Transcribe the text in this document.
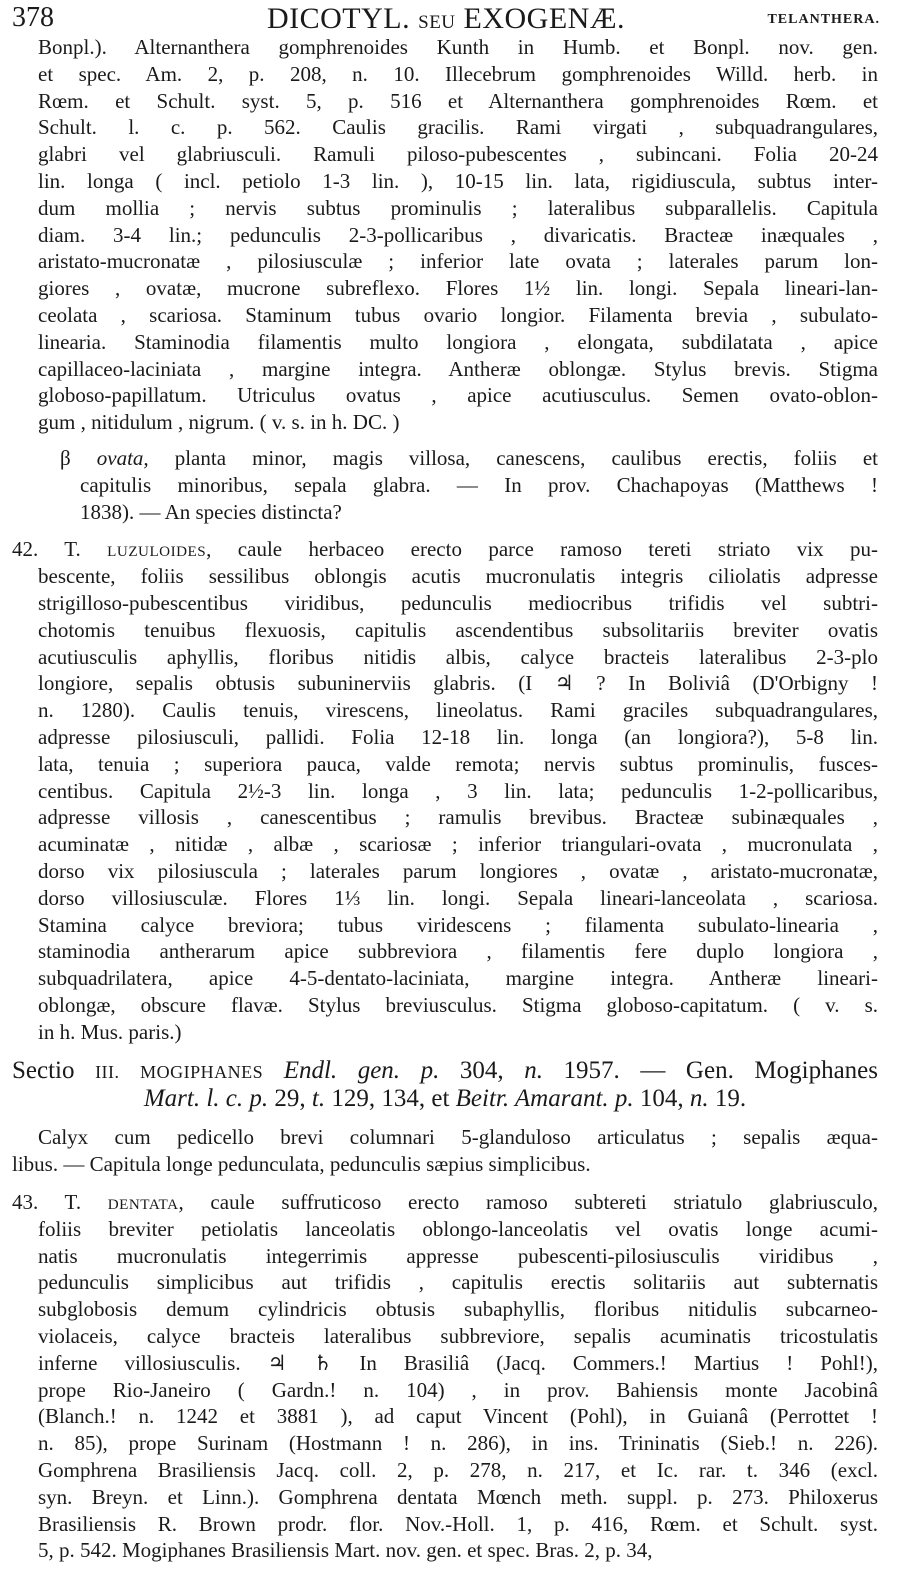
378	DICOTYL. SEU EXOGENÆ.	TELANTHERA.
Bonpl.). Alternanthera gomphrenoides Kunth in Humb. et Bonpl. nov. gen.
et spec. Am. 2, p. 208, n. 10. Illecebrum gomphrenoides Willd. herb. in
Rœm. et Schult. syst. 5, p. 516 et Alternanthera gomphrenoides Rœm. et
Schult. l. c. p. 562. Caulis gracilis. Rami virgati , subquadrangulares,
glabri vel glabriusculi. Ramuli piloso-pubescentes , subincani. Folia 20-24
lin. longa ( incl. petiolo 1-3 lin. ), 10-15 lin. lata, rigidiuscula, subtus inter-
dum mollia ; nervis subtus prominulis ; lateralibus subparallelis. Capitula
diam. 3-4 lin.; pedunculis 2-3-pollicaribus , divaricatis. Bracteæ inæquales ,
aristato-mucronatæ , pilosiusculæ ; inferior late ovata ; laterales parum lon-
giores , ovatæ, mucrone subreflexo. Flores 1½ lin. longi. Sepala lineari-lan-
ceolata , scariosa. Staminum tubus ovario longior. Filamenta brevia , subulato-
linearia. Staminodia filamentis multo longiora , elongata, subdilatata , apice
capillaceo-laciniata , margine integra. Antheræ oblongæ. Stylus brevis. Stigma
globoso-papillatum. Utriculus ovatus , apice acutiusculus. Semen ovato-oblon-
gum , nitidulum , nigrum. ( v. s. in h. DC. )
β ovata, planta minor, magis villosa, canescens, caulibus erectis, foliis et
capitulis minoribus, sepala glabra. — In prov. Chachapoyas (Matthews !
1838). — An species distincta?
42. T. LUZULOIDES, caule herbaceo erecto parce ramoso tereti striato vix pu-
bescente, foliis sessilibus oblongis acutis mucronulatis integris ciliolatis adpresse
strigilloso-pubescentibus viridibus, pedunculis mediocribus trifidis vel subtri-
chotomis tenuibus flexuosis, capitulis ascendentibus subsolitariis breviter ovatis
acutiusculis aphyllis, floribus nitidis albis, calyce bracteis lateralibus 2-3-plo
longiore, sepalis obtusis subuninerviis glabris. (I ♃ ? In Boliviâ (D'Orbigny !
n. 1280). Caulis tenuis, virescens, lineolatus. Rami graciles subquadrangulares,
adpresse pilosiusculi, pallidi. Folia 12-18 lin. longa (an longiora?), 5-8 lin.
lata, tenuia ; superiora pauca, valde remota; nervis subtus prominulis, fusces-
centibus. Capitula 2½-3 lin. longa , 3 lin. lata; pedunculis 1-2-pollicaribus,
adpresse villosis , canescentibus ; ramulis brevibus. Bracteæ subinæquales ,
acuminatæ , nitidæ , albæ , scariosæ ; inferior triangulari-ovata , mucronulata ,
dorso vix pilosiuscula ; laterales parum longiores , ovatæ , aristato-mucronatæ,
dorso villosiusculæ. Flores 1⅓ lin. longi. Sepala lineari-lanceolata , scariosa.
Stamina calyce breviora; tubus viridescens ; filamenta subulato-linearia ,
staminodia antherarum apice subbreviora , filamentis fere duplo longiora ,
subquadrilatera, apice 4-5-dentato-laciniata, margine integra. Antheræ lineari-
oblongæ, obscure flavæ. Stylus breviusculus. Stigma globoso-capitatum. ( v. s.
in h. Mus. paris.)
Sectio III. MOGIPHANES Endl. gen. p. 304, n. 1957. — Gen. Mogiphanes
Mart. l. c. p. 29, t. 129, 134, et Beitr. Amarant. p. 104, n. 19.
Calyx cum pedicello brevi columnari 5-glanduloso articulatus ; sepalis æqua-
libus. — Capitula longe pedunculata, pedunculis sæpius simplicibus.
43. T. DENTATA, caule suffruticoso erecto ramoso subtereti striatulo glabriusculo,
foliis breviter petiolatis lanceolatis oblongo-lanceolatis vel ovatis longe acumi-
natis mucronulatis integerrimis appresse pubescenti-pilosiusculis viridibus ,
pedunculis simplicibus aut trifidis , capitulis erectis solitariis aut subternatis
subglobosis demum cylindricis obtusis subaphyllis, floribus nitidulis subcarneo-
violaceis, calyce bracteis lateralibus subbreviore, sepalis acuminatis tricostulatis
inferne villosiusculis. ♃ ♄ In Brasiliâ (Jacq. Commers.! Martius ! Pohl!),
prope Rio-Janeiro ( Gardn.! n. 104) , in prov. Bahiensis monte Jacobinâ
(Blanch.! n. 1242 et 3881 ), ad caput Vincent (Pohl), in Guianâ (Perrottet !
n. 85), prope Surinam (Hostmann ! n. 286), in ins. Trininatis (Sieb.! n. 226).
Gomphrena Brasiliensis Jacq. coll. 2, p. 278, n. 217, et Ic. rar. t. 346 (excl.
syn. Breyn. et Linn.). Gomphrena dentata Mœnch meth. suppl. p. 273. Philoxerus
Brasiliensis R. Brown prodr. flor. Nov.-Holl. 1, p. 416, Rœm. et Schult. syst.
5, p. 542. Mogiphanes Brasiliensis Mart. nov. gen. et spec. Bras. 2, p. 34,
